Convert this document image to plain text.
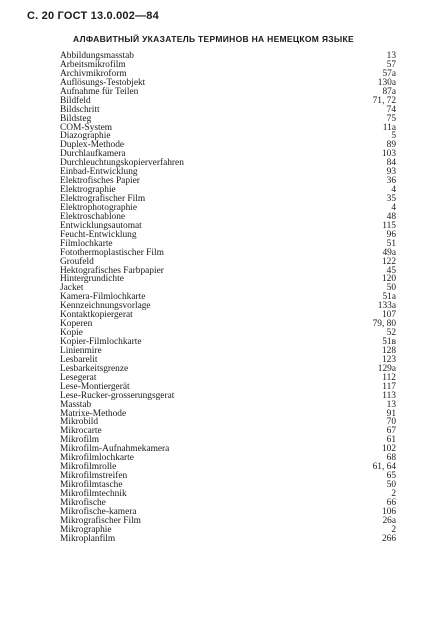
С. 20 ГОСТ 13.0.002—84
АЛФАВИТНЫЙ УКАЗАТЕЛЬ ТЕРМИНОВ НА НЕМЕЦКОМ ЯЗЫКЕ
Abbildungsmasstab	13
Arbeitsmikrofilm	57
Archivmikroform	57а
Auflösungs-Testobjekt	130а
Aufnahme für Teilen	87а
Bildfeld	71, 72
Bildschritt	74
Bildsteg	75
COM-System	11а
Diazographie	5
Duplex-Methode	89
Durchlaufkamera	103
Durchleuchtungskopierverfahren	84
Einbad-Entwicklung	93
Elektrofisches Papier	36
Elektrographie	4
Elektrografischer Film	35
Elektrophotographie	4
Elektroschablone	48
Entwicklungsautomat	115
Feucht-Entwicklung	96
Filmlochkarte	51
Fotothermoplastischer Film	49а
Groufeld	122
Hektografisches Farbpapier	45
Hintergrundichte	120
Jacket	50
Kamera-Filmlochkarte	51а
Kennzeichnungsvorlage	133а
Kontaktkopiergerat	107
Koperen	79, 80
Kopie	52
Kopier-Filmlochkarte	51в
Linienmire	128
Lesbarelit	123
Lesbarkeitsgrenze	129а
Lesegerat	112
Lese-Montiergerät	117
Lese-Rucker-grosserungsgerat	113
Masstab	13
Matrixe-Methode	91
Mikrobild	70
Mikrocarte	67
Mikrofilm	61
Mikrofilm-Aufnahmekamera	102
Mikrofilmlochkarte	68
Mikrofilmrolle	61, 64
Mikrofilmstreifen	65
Mikrofilmtasche	50
Mikrofilmtechnik	2
Mikrofische	66
Mikrofische-kamera	106
Mikrografischer Film	26а
Mikrographie	2
Mikroplanfilm	266
